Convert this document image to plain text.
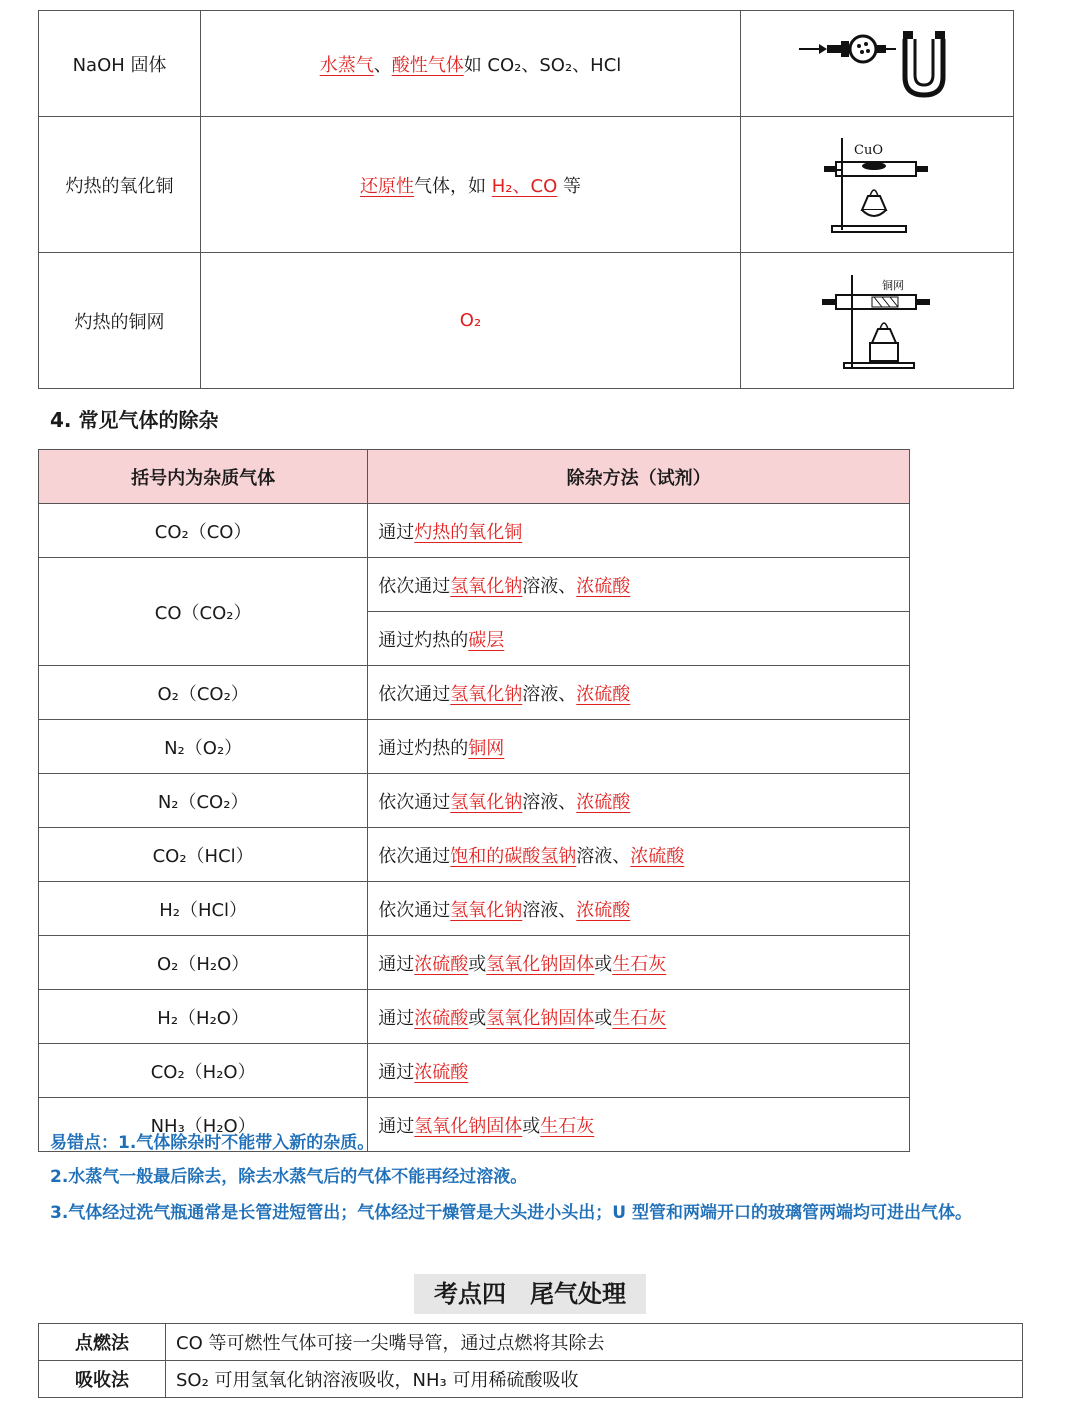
NaOH 固体	水蒸气、酸性气体如 CO₂、SO₂、HCl	

灼热的氧化铜	还原性气体，如 H₂、CO 等	CuO

灼热的铜网	O₂	铜网
4. 常见气体的除杂
括号内为杂质气体	除杂方法（试剂）
CO₂（CO）	通过灼热的氧化铜
CO（CO₂）	依次通过氢氧化钠溶液、浓硫酸
	通过灼热的碳层
O₂（CO₂）	依次通过氢氧化钠溶液、浓硫酸
N₂（O₂）	通过灼热的铜网
N₂（CO₂）	依次通过氢氧化钠溶液、浓硫酸
CO₂（HCl）	依次通过饱和的碳酸氢钠溶液、浓硫酸
H₂（HCl）	依次通过氢氧化钠溶液、浓硫酸
O₂（H₂O）	通过浓硫酸或氢氧化钠固体或生石灰
H₂（H₂O）	通过浓硫酸或氢氧化钠固体或生石灰
CO₂（H₂O）	通过浓硫酸
NH₃（H₂O）	通过氢氧化钠固体或生石灰
易错点：1.气体除杂时不能带入新的杂质。
2.水蒸气一般最后除去，除去水蒸气后的气体不能再经过溶液。
3.气体经过洗气瓶通常是长管进短管出；气体经过干燥管是大头进小头出；U 型管和两端开口的玻璃管两端均可进出气体。
考点四　尾气处理
点燃法	CO 等可燃性气体可接一尖嘴导管，通过点燃将其除去
吸收法	SO₂ 可用氢氧化钠溶液吸收，NH₃ 可用稀硫酸吸收
